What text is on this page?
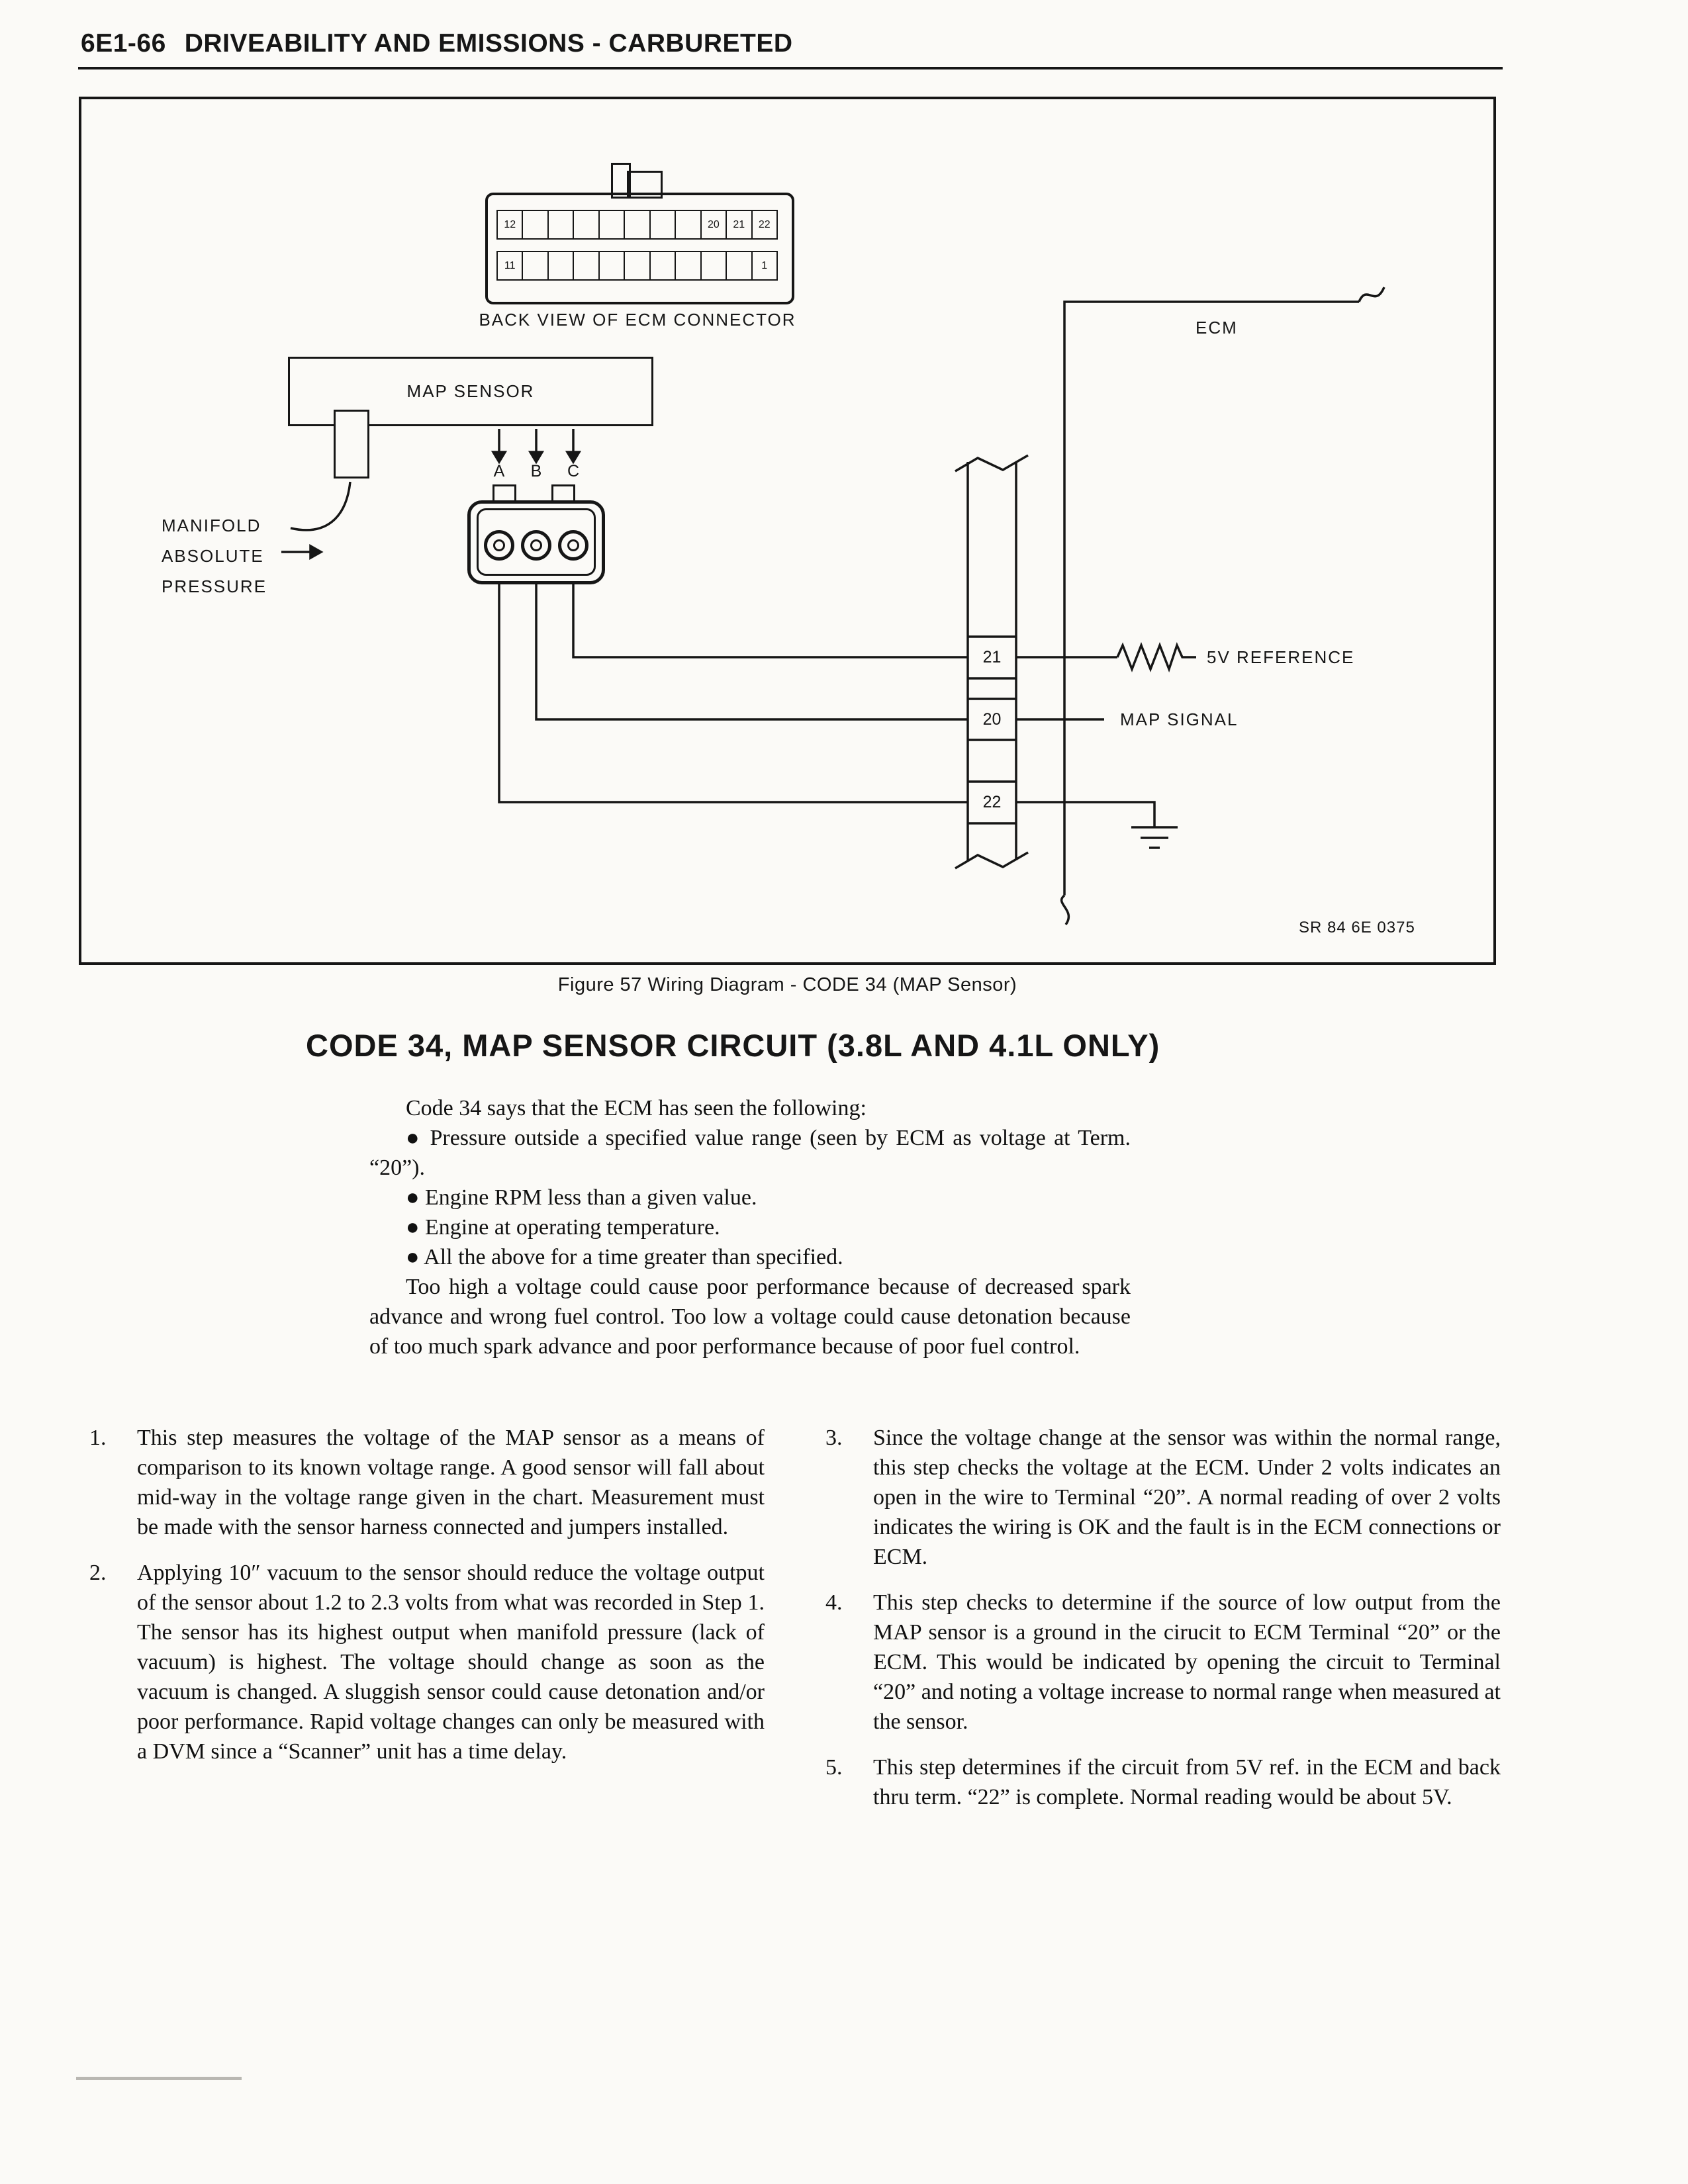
6E1-66 DRIVEABILITY AND EMISSIONS - CARBURETED
12	20	21	22
11	1
BACK VIEW OF ECM CONNECTOR
MAP SENSOR
A B C
MANIFOLD
ABSOLUTE
PRESSURE
21
20
22
ECM
5V REFERENCE
MAP SIGNAL
SR 84 6E 0375
Figure 57 Wiring Diagram - CODE 34 (MAP Sensor)
CODE 34, MAP SENSOR CIRCUIT (3.8L AND 4.1L ONLY)

Code 34 says that the ECM has seen the following:

● Pressure outside a specified value range (seen by ECM as voltage at Term. “20”).

● Engine RPM less than a given value.

● Engine at operating temperature.

● All the above for a time greater than specified.

Too high a voltage could cause poor performance because of decreased spark advance and wrong fuel control. Too low a voltage could cause detonation because of too much spark advance and poor performance because of poor fuel control.

1.	This step measures the voltage of the MAP sensor as a means of comparison to its known voltage range. A good sensor will fall about mid-way in the voltage range given in the chart. Measurement must be made with the sensor harness connected and jumpers installed.
2.	Applying 10″ vacuum to the sensor should reduce the voltage output of the sensor about 1.2 to 2.3 volts from what was recorded in Step 1. The sensor has its highest output when manifold pressure (lack of vacuum) is highest. The voltage should change as soon as the vacuum is changed. A sluggish sensor could cause detonation and/or poor performance. Rapid voltage changes can only be measured with a DVM since a “Scanner” unit has a time delay.
3.	Since the voltage change at the sensor was within the normal range, this step checks the voltage at the ECM. Under 2 volts indicates an open in the wire to Terminal “20”. A normal reading of over 2 volts indicates the wiring is OK and the fault is in the ECM connections or ECM.
4.	This step checks to determine if the source of low output from the MAP sensor is a ground in the cirucit to ECM Terminal “20” or the ECM. This would be indicated by opening the circuit to Terminal “20” and noting a voltage increase to normal range when measured at the sensor.
5.	This step determines if the circuit from 5V ref. in the ECM and back thru term. “22” is complete. Normal reading would be about 5V.
